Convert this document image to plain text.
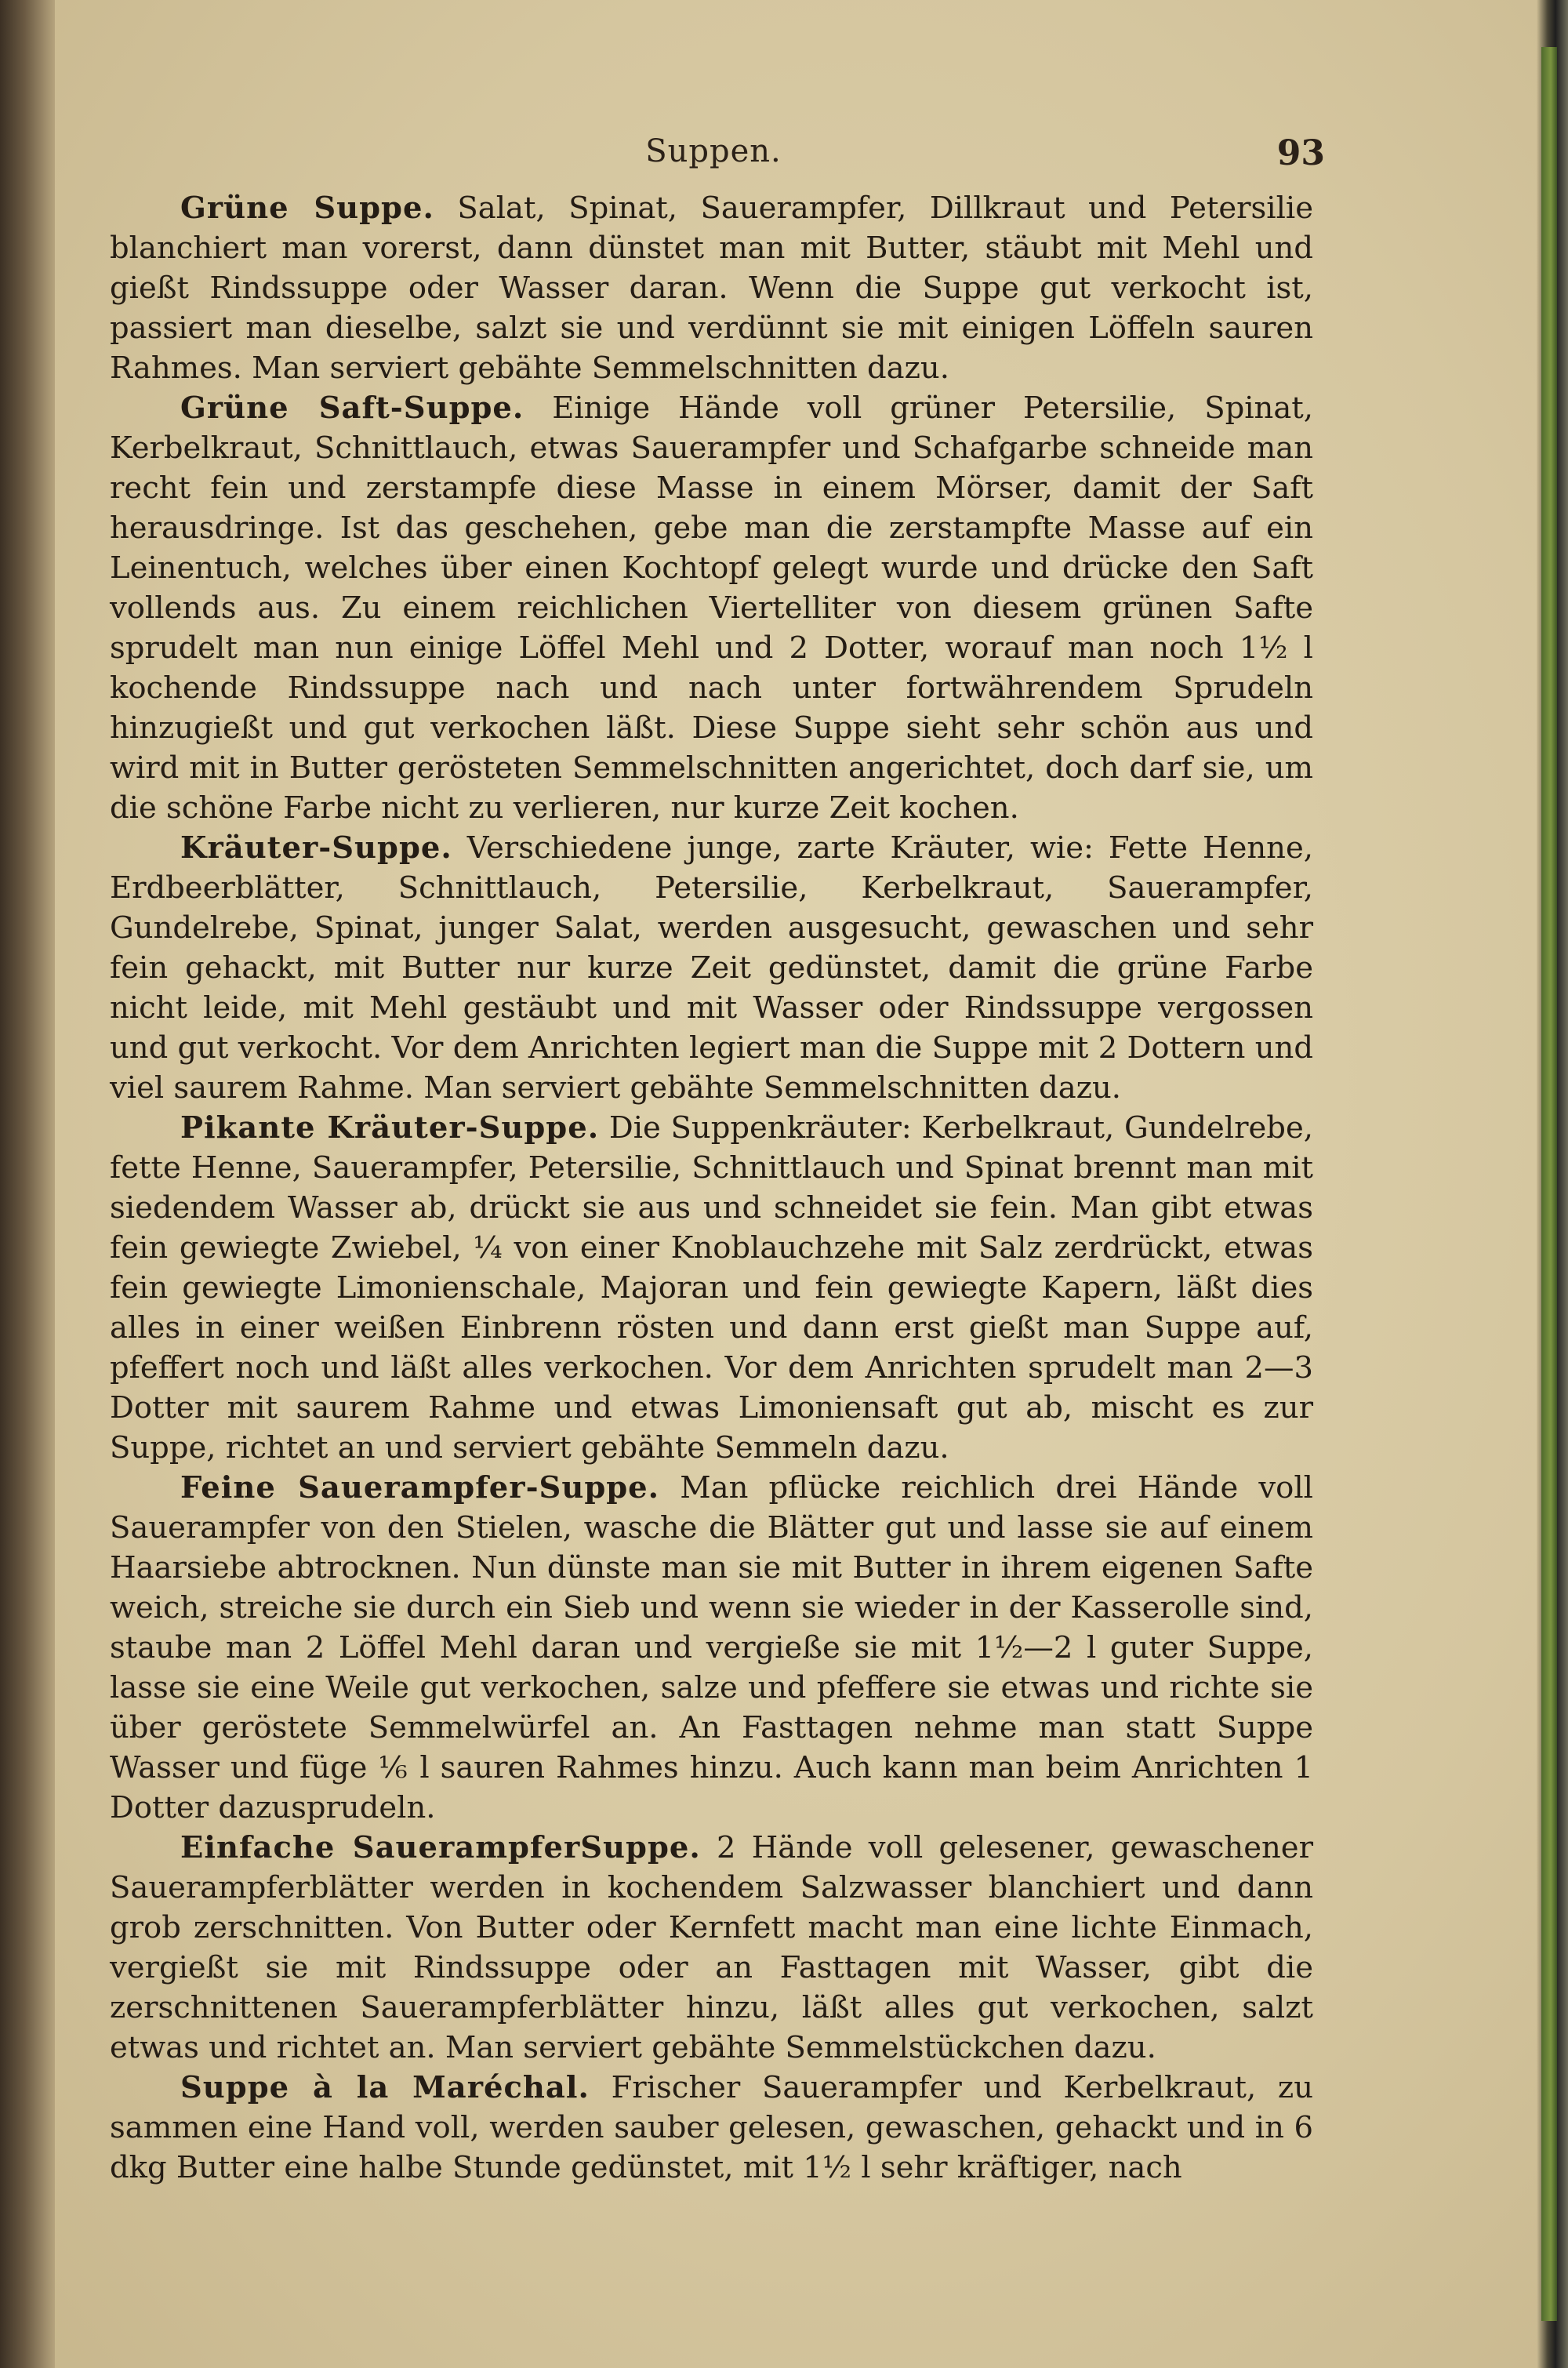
Suppen.	93

Grüne Suppe. Salat, Spinat, Sauerampfer, Dillkraut und Petersilie blanchiert man vorerst, dann dünstet man mit Butter, stäubt mit Mehl und gießt Rindssuppe oder Wasser daran. Wenn die Suppe gut verkocht ist, passiert man dieselbe, salzt sie und verdünnt sie mit einigen Löffeln sauren Rahmes. Man serviert gebähte Semmelschnitten dazu.

Grüne Saft-Suppe. Einige Hände voll grüner Petersilie, Spinat, Kerbelkraut, Schnittlauch, etwas Sauerampfer und Schafgarbe schneide man recht fein und zerstampfe diese Masse in einem Mörser, damit der Saft herausdringe. Ist das geschehen, gebe man die zerstampfte Masse auf ein Leinentuch, welches über einen Kochtopf gelegt wurde und drücke den Saft vollends aus. Zu einem reichlichen Viertelliter von diesem grünen Safte sprudelt man nun einige Löffel Mehl und 2 Dotter, worauf man noch 1½ l kochende Rindssuppe nach und nach unter fortwährendem Sprudeln hinzugießt und gut verkochen läßt. Diese Suppe sieht sehr schön aus und wird mit in Butter gerösteten Semmelschnitten angerichtet, doch darf sie, um die schöne Farbe nicht zu verlieren, nur kurze Zeit kochen.

Kräuter-Suppe. Verschiedene junge, zarte Kräuter, wie: Fette Henne, Erdbeerblätter, Schnittlauch, Petersilie, Kerbelkraut, Sauerampfer, Gundelrebe, Spinat, junger Salat, werden ausgesucht, gewaschen und sehr fein gehackt, mit Butter nur kurze Zeit gedünstet, damit die grüne Farbe nicht leide, mit Mehl gestäubt und mit Wasser oder Rindssuppe vergossen und gut verkocht. Vor dem Anrichten legiert man die Suppe mit 2 Dottern und viel saurem Rahme. Man serviert gebähte Semmelschnitten dazu.

Pikante Kräuter-Suppe. Die Suppenkräuter: Kerbelkraut, Gundelrebe, fette Henne, Sauerampfer, Petersilie, Schnittlauch und Spinat brennt man mit siedendem Wasser ab, drückt sie aus und schneidet sie fein. Man gibt etwas fein gewiegte Zwiebel, ¼ von einer Knoblauchzehe mit Salz zerdrückt, etwas fein gewiegte Limonienschale, Majoran und fein gewiegte Kapern, läßt dies alles in einer weißen Einbrenn rösten und dann erst gießt man Suppe auf, pfeffert noch und läßt alles verkochen. Vor dem Anrichten sprudelt man 2—3 Dotter mit saurem Rahme und etwas Limoniensaft gut ab, mischt es zur Suppe, richtet an und serviert gebähte Semmeln dazu.

Feine Sauerampfer-Suppe. Man pflücke reichlich drei Hände voll Sauerampfer von den Stielen, wasche die Blätter gut und lasse sie auf einem Haarsiebe abtrocknen. Nun dünste man sie mit Butter in ihrem eigenen Safte weich, streiche sie durch ein Sieb und wenn sie wieder in der Kasserolle sind, staube man 2 Löffel Mehl daran und vergieße sie mit 1½—2 l guter Suppe, lasse sie eine Weile gut verkochen, salze und pfeffere sie etwas und richte sie über geröstete Semmelwürfel an. An Fasttagen nehme man statt Suppe Wasser und füge ⅙ l sauren Rahmes hinzu. Auch kann man beim Anrichten 1 Dotter dazusprudeln.

Einfache SauerampferSuppe. 2 Hände voll gelesener, gewaschener Sauerampferblätter werden in kochendem Salzwasser blanchiert und dann grob zerschnitten. Von Butter oder Kernfett macht man eine lichte Einmach, vergießt sie mit Rindssuppe oder an Fasttagen mit Wasser, gibt die zerschnittenen Sauerampferblätter hinzu, läßt alles gut verkochen, salzt etwas und richtet an. Man serviert gebähte Semmelstückchen dazu.

Suppe à la Maréchal. Frischer Sauerampfer und Kerbelkraut, zu sammen eine Hand voll, werden sauber gelesen, gewaschen, gehackt und in 6 dkg Butter eine halbe Stunde gedünstet, mit 1½ l sehr kräftiger, nach
